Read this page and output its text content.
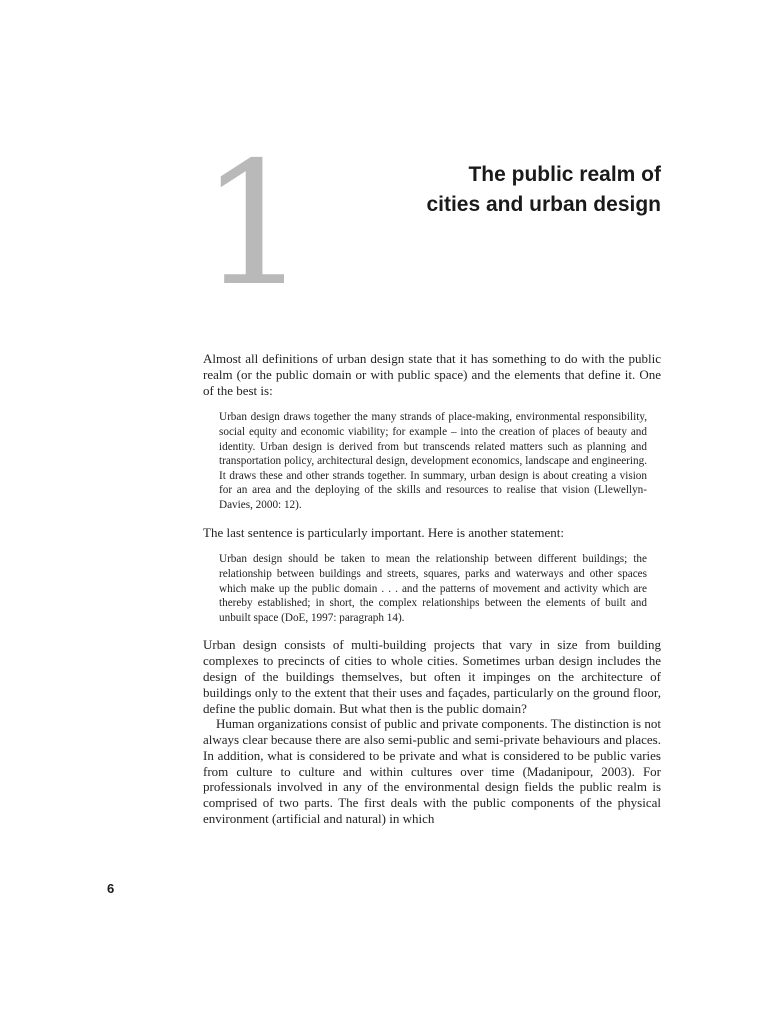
1	The public realm of
cities and urban design

Almost all definitions of urban design state that it has something to do with the public realm (or the public domain or with public space) and the elements that define it. One of the best is:

Urban design draws together the many strands of place-making, environmental responsibility, social equity and economic viability; for example – into the creation of places of beauty and identity. Urban design is derived from but transcends related matters such as planning and transportation policy, architectural design, development economics, landscape and engineering. It draws these and other strands together. In summary, urban design is about creating a vision for an area and the deploying of the skills and resources to realise that vision (Llewellyn-Davies, 2000: 12).

The last sentence is particularly important. Here is another statement:

Urban design should be taken to mean the relationship between different buildings; the relationship between buildings and streets, squares, parks and waterways and other spaces which make up the public domain . . . and the patterns of movement and activity which are thereby established; in short, the complex relationships between the elements of built and unbuilt space (DoE, 1997: paragraph 14).

Urban design consists of multi-building projects that vary in size from building complexes to precincts of cities to whole cities. Sometimes urban design includes the design of the buildings themselves, but often it impinges on the architecture of buildings only to the extent that their uses and façades, particularly on the ground floor, define the public domain. But what then is the public domain?

Human organizations consist of public and private components. The distinction is not always clear because there are also semi-public and semi-private behaviours and places. In addition, what is considered to be private and what is considered to be public varies from culture to culture and within cultures over time (Madanipour, 2003). For professionals involved in any of the environmental design fields the public realm is comprised of two parts. The first deals with the public components of the physical environment (artificial and natural) in which

6
